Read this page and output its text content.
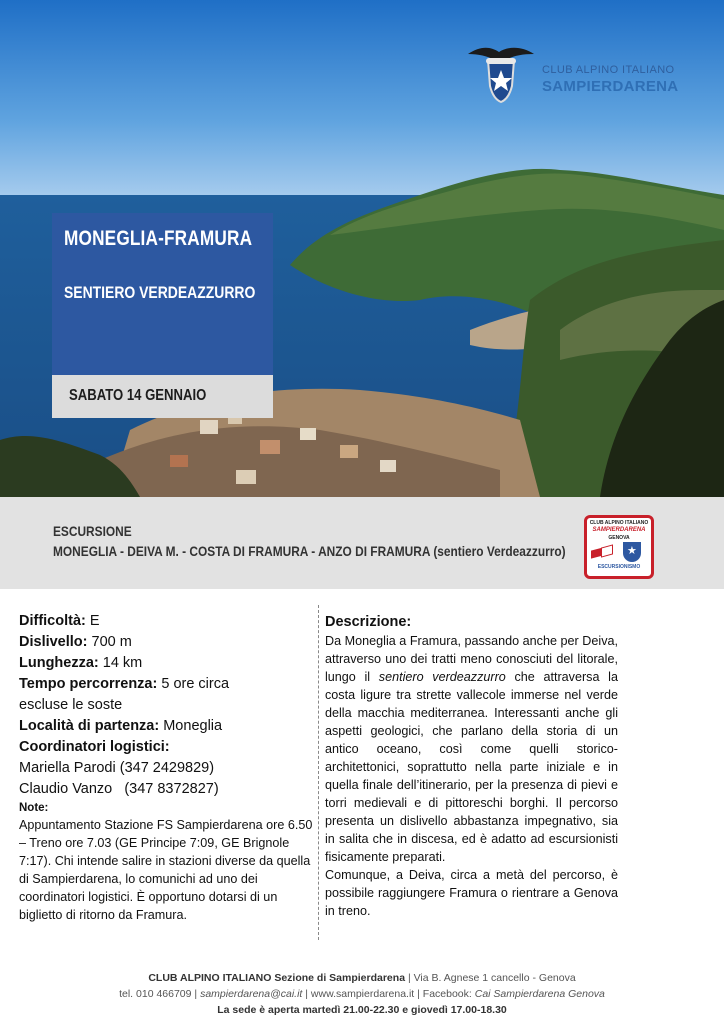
CLUB ALPINO ITALIANO
SAMPIERDARENA
MONEGLIA-FRAMURA
SENTIERO VERDEAZZURRO
SABATO 14 GENNAIO
ESCURSIONE
MONEGLIA - DEIVA M. - COSTA DI FRAMURA - ANZO DI FRAMURA (sentiero Verdeazzurro)
CLUB ALPINO ITALIANO
SAMPIERDARENA
GENOVA
★
ESCURSIONISMO
Difficoltà: E
Dislivello: 700 m
Lunghezza: 14 km
Tempo percorrenza: 5 ore circa
escluse le soste
Località di partenza: Moneglia
Coordinatori logistici:
Mariella Parodi (347 2429829)
Claudio Vanzo   (347 8372827)
Note:
Appuntamento Stazione FS Sampierdarena ore 6.50 – Treno ore 7.03 (GE Principe 7:09, GE Brignole 7:17). Chi intende salire in stazioni diverse da quella di Sampierdarena, lo comunichi ad uno dei coordinatori logistici. È opportuno dotarsi di un biglietto di ritorno da Framura.
Descrizione:

Da Moneglia a Framura, passando anche per Deiva, attraverso uno dei tratti meno conosciuti del litorale, lungo il sentiero verdeazzurro che attraversa la costa ligure tra strette vallecole immerse nel verde della macchia mediterranea. Interessanti anche gli aspetti geologici, che parlano della storia di un antico oceano, così come quelli storico-architettonici, soprattutto nella parte iniziale e in quella finale dell’itinerario, per la presenza di pievi e torri medievali e di pittoreschi borghi. Il percorso presenta un dislivello abbastanza impegnativo, sia in salita che in discesa, ed è adatto ad escursionisti fisicamente preparati.

Comunque, a Deiva, circa a metà del percorso, è possibile raggiungere Framura o rientrare a Genova in treno.

CLUB ALPINO ITALIANO Sezione di Sampierdarena | Via B. Agnese 1 cancello - Genova
tel. 010 466709 | sampierdarena@cai.it | www.sampierdarena.it | Facebook: Cai Sampierdarena Genova
La sede è aperta martedì 21.00-22.30 e giovedì 17.00-18.30
